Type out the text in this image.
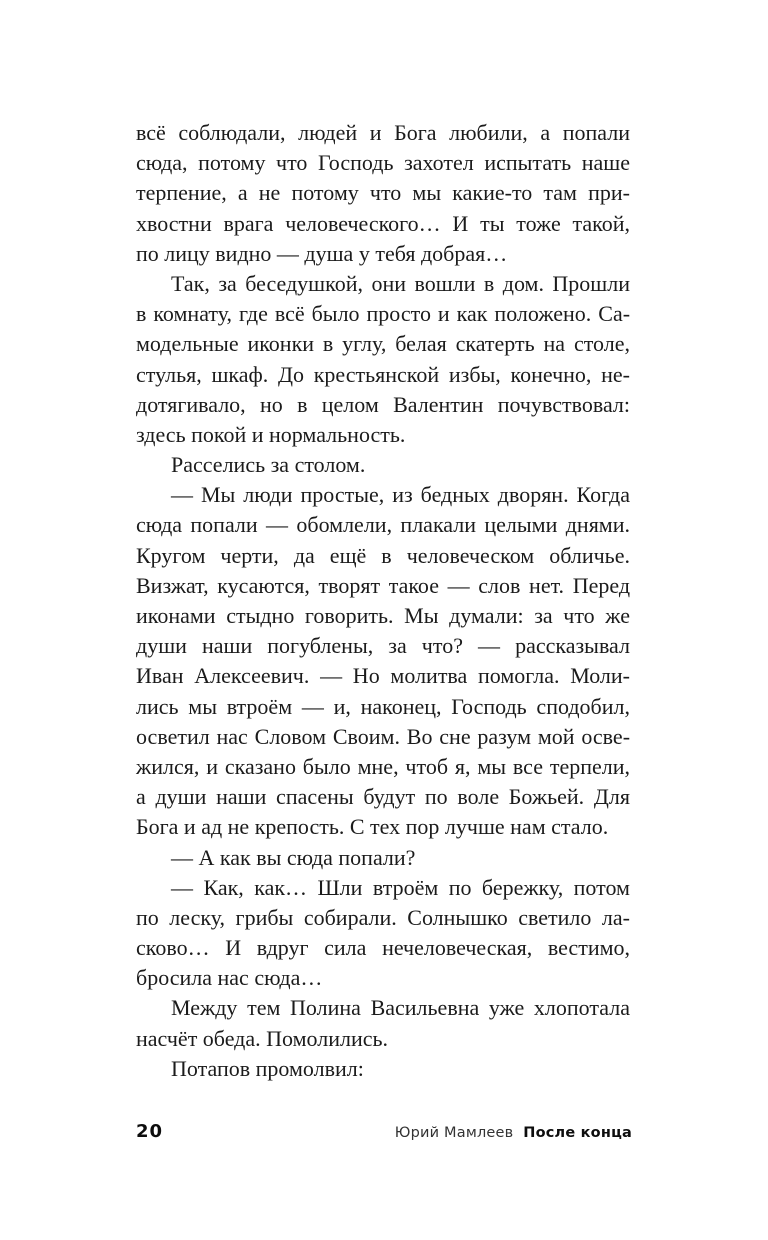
всё соблюдали, людей и Бога любили, а попали
сюда, потому что Господь захотел испытать наше
терпение, а не потому что мы какие-то там при-
хвостни врага человеческого… И ты тоже такой,
по лицу видно — душа у тебя добрая…
Так, за беседушкой, они вошли в дом. Прошли
в комнату, где всё было просто и как положено. Са-
модельные иконки в углу, белая скатерть на столе,
стулья, шкаф. До крестьянской избы, конечно, не-
дотягивало, но в целом Валентин почувствовал:
здесь покой и нормальность.
Расселись за столом.
— Мы люди простые, из бедных дворян. Когда
сюда попали — обомлели, плакали целыми днями.
Кругом черти, да ещё в человеческом обличье.
Визжат, кусаются, творят такое — слов нет. Перед
иконами стыдно говорить. Мы думали: за что же
души наши погублены, за что? — рассказывал
Иван Алексеевич. — Но молитва помогла. Моли-
лись мы втроём — и, наконец, Господь сподобил,
осветил нас Словом Своим. Во сне разум мой осве-
жился, и сказано было мне, чтоб я, мы все терпели,
а души наши спасены будут по воле Божьей. Для
Бога и ад не крепость. С тех пор лучше нам стало.
— А как вы сюда попали?
— Как, как… Шли втроём по бережку, потом
по леску, грибы собирали. Солнышко светило ла-
сково… И вдруг сила нечеловеческая, вестимо,
бросила нас сюда…
Между тем Полина Васильевна уже хлопотала
насчёт обеда. Помолились.
Потапов промолвил:
20	Юрий Мамлеев После конца
